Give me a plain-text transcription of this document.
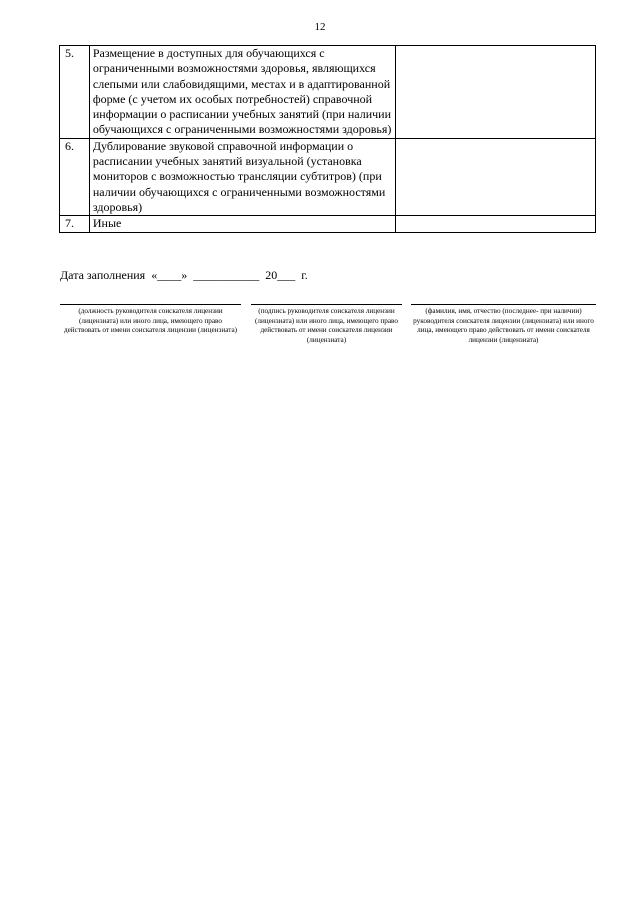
12
5.	Размещение в доступных для обучающихся с ограниченными возможностями здоровья, являющихся слепыми или слабовидящими, местах и в адаптированной форме (с учетом их особых потребностей) справочной информации о расписании учебных занятий (при наличии обучающихся с ограниченными возможностями здоровья)	
6.	Дублирование звуковой справочной информации о расписании учебных занятий визуальной (установка мониторов с возможностью трансляции субтитров) (при наличии обучающихся с ограниченными возможностями здоровья)	
7.	Иные	
Дата заполнения  «____»  ___________  20___  г.
(должность руководителя соискателя лицензии (лицензиата) или иного лица, имеющего право действовать от имени соискателя лицензии (лицензиата)
(подпись руководителя соискателя лицензии (лицензиата) или иного лица, имеющего право действовать от имени соискателя лицензии (лицензиата)
(фамилия, имя, отчество (последнее- при наличии) руководителя соискателя лицензии (лицензиата) или иного лица, имеющего право действовать от имени соискателя лицензии (лицензиата)
